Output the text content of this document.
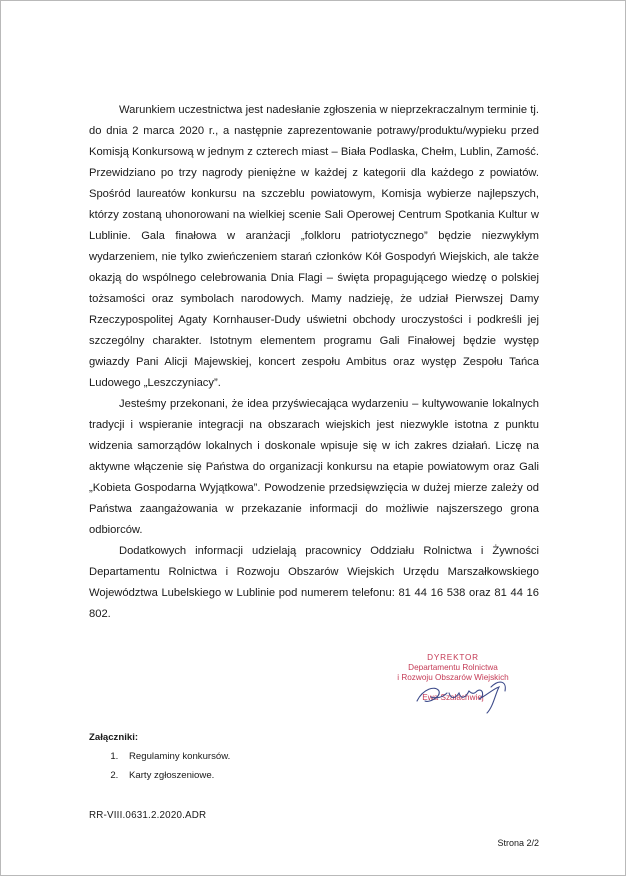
Warunkiem uczestnictwa jest nadesłanie zgłoszenia w nieprzekraczalnym terminie tj. do dnia 2 marca 2020 r., a następnie zaprezentowanie potrawy/produktu/wypieku przed Komisją Konkursową w jednym z czterech miast – Biała Podlaska, Chełm, Lublin, Zamość. Przewidziano po trzy nagrody pieniężne w każdej z kategorii dla każdego z powiatów. Spośród laureatów konkursu na szczeblu powiatowym, Komisja wybierze najlepszych, którzy zostaną uhonorowani na wielkiej scenie Sali Operowej Centrum Spotkania Kultur w Lublinie. Gala finałowa w aranżacji „folkloru patriotycznego” będzie niezwykłym wydarzeniem, nie tylko zwieńczeniem starań członków Kół Gospodyń Wiejskich, ale także okazją do wspólnego celebrowania Dnia Flagi – święta propagującego wiedzę o polskiej tożsamości oraz symbolach narodowych. Mamy nadzieję, że udział Pierwszej Damy Rzeczypospolitej Agaty Kornhauser-Dudy uświetni obchody uroczystości i podkreśli jej szczególny charakter. Istotnym elementem programu Gali Finałowej będzie występ gwiazdy Pani Alicji Majewskiej, koncert zespołu Ambitus oraz występ Zespołu Tańca Ludowego „Leszczyniacy”.

Jesteśmy przekonani, że idea przyświecająca wydarzeniu – kultywowanie lokalnych tradycji i wspieranie integracji na obszarach wiejskich jest niezwykle istotna z punktu widzenia samorządów lokalnych i doskonale wpisuje się w ich zakres działań. Liczę na aktywne włączenie się Państwa do organizacji konkursu na etapie powiatowym oraz Gali „Kobieta Gospodarna Wyjątkowa”. Powodzenie przedsięwzięcia w dużej mierze zależy od Państwa zaangażowania w przekazanie informacji do możliwie najszerszego grona odbiorców.

Dodatkowych informacji udzielają pracownicy Oddziału Rolnictwa i Żywności Departamentu Rolnictwa i Rozwoju Obszarów Wiejskich Urzędu Marszałkowskiego Województwa Lubelskiego w Lublinie pod numerem telefonu: 81 44 16 538 oraz 81 44 16 802.

DYREKTOR
Departamentu Rolnictwa
i Rozwoju Obszarów Wiejskich
Ewa Szałachwiej
Załączniki:
1. Regulaminy konkursów.
2. Karty zgłoszeniowe.
RR-VIII.0631.2.2020.ADR
Strona 2/2
